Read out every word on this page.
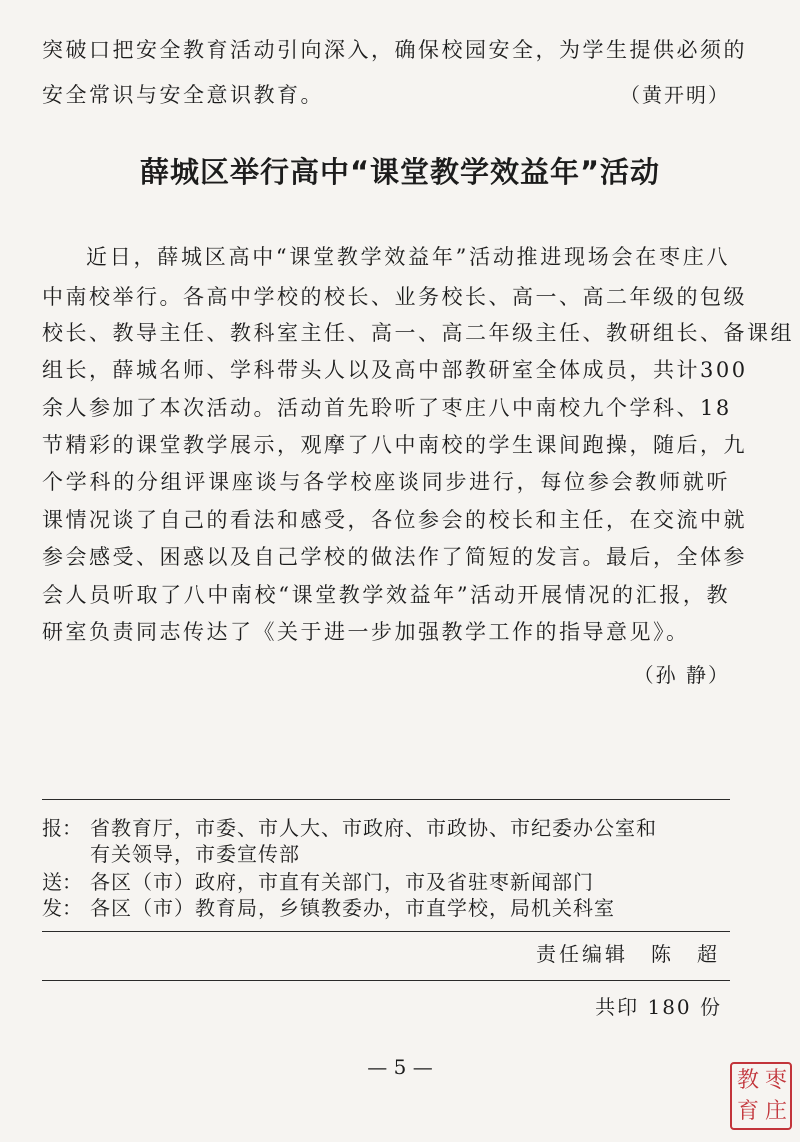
突破口把安全教育活动引向深入，确保校园安全，为学生提供必须的
安全常识与安全意识教育。	（黄开明）
薛城区举行高中“课堂教学效益年”活动
近日，薛城区高中“课堂教学效益年”活动推进现场会在枣庄八
中南校举行。各高中学校的校长、业务校长、高一、高二年级的包级
校长、教导主任、教科室主任、高一、高二年级主任、教研组长、备课组
组长，薛城名师、学科带头人以及高中部教研室全体成员，共计300
余人参加了本次活动。活动首先聆听了枣庄八中南校九个学科、18
节精彩的课堂教学展示，观摩了八中南校的学生课间跑操，随后，九
个学科的分组评课座谈与各学校座谈同步进行，每位参会教师就听
课情况谈了自己的看法和感受，各位参会的校长和主任，在交流中就
参会感受、困惑以及自己学校的做法作了简短的发言。最后，全体参
会人员听取了八中南校“课堂教学效益年”活动开展情况的汇报，教
研室负责同志传达了《关于进一步加强教学工作的指导意见》。
（孙 静）
报： 省教育厅，市委、市人大、市政府、市政协、市纪委办公室和
有关领导，市委宣传部
送： 各区（市）政府，市直有关部门，市及省驻枣新闻部门
发： 各区（市）教育局，乡镇教委办，市直学校，局机关科室
责任编辑　陈　超
共印 180 份
— 5 —
枣
庄
教
育
